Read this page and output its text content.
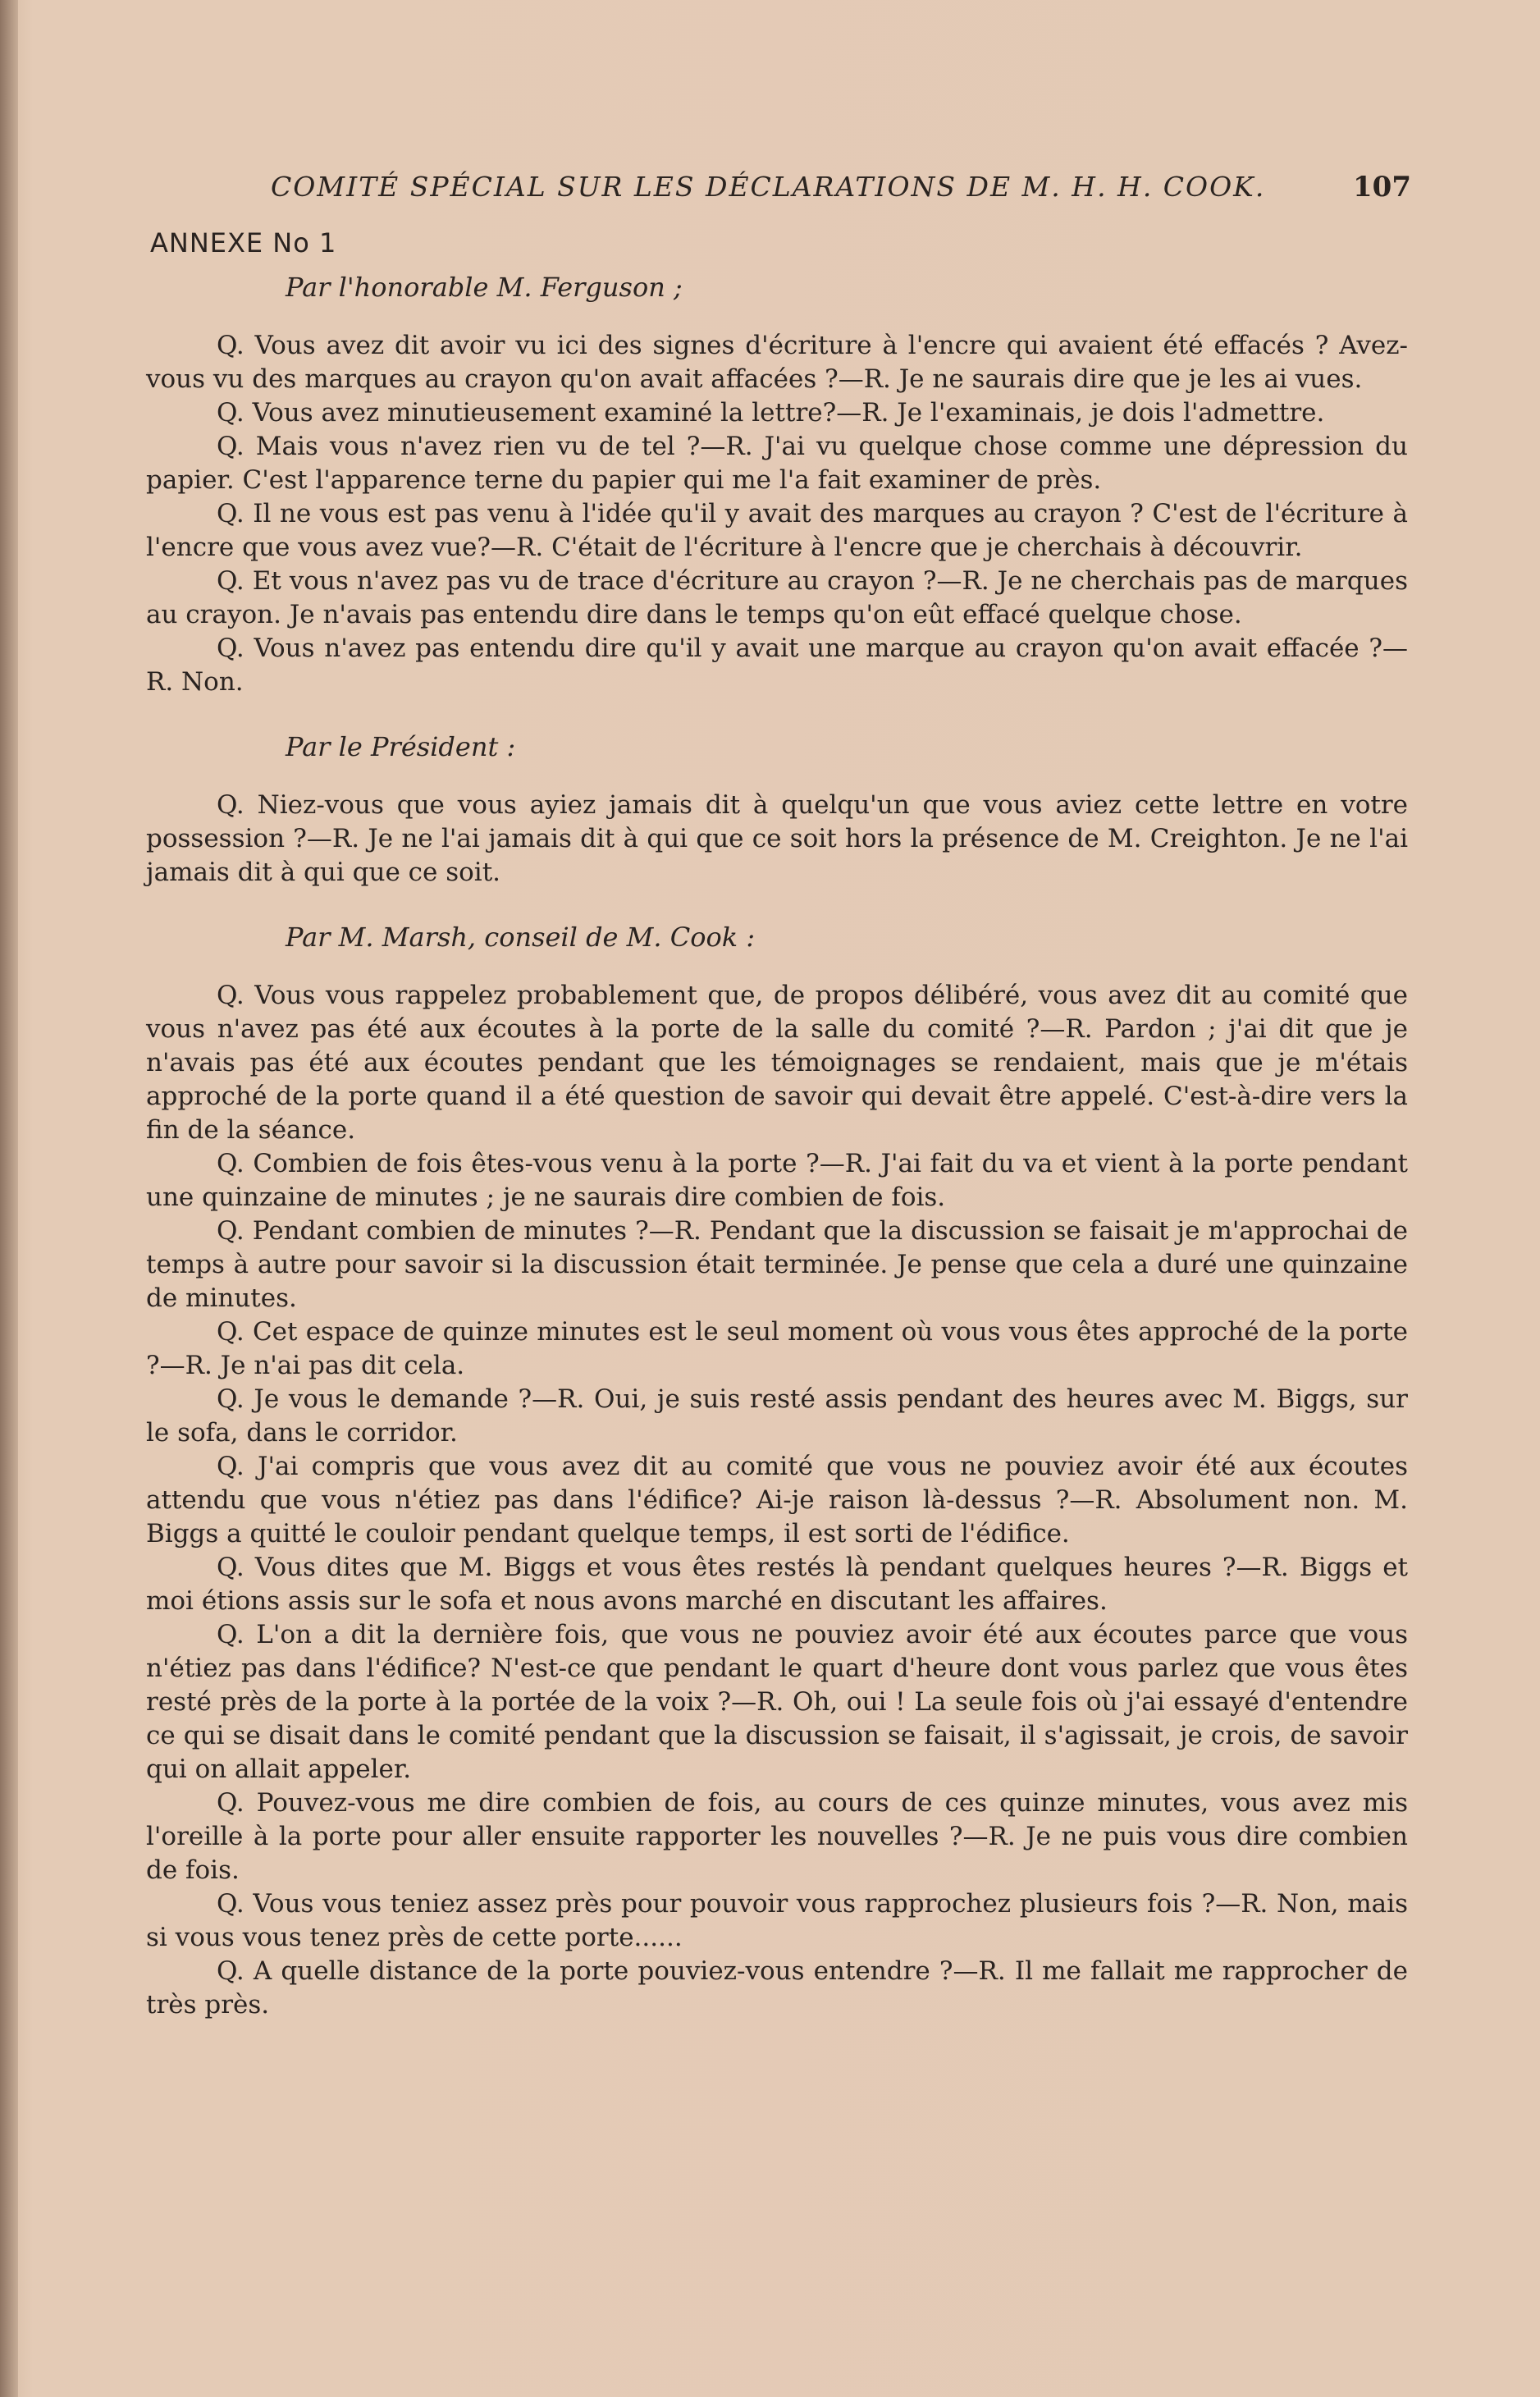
COMITÉ SPÉCIAL SUR LES DÉCLARATIONS DE M. H. H. COOK.	107
ANNEXE No 1
Par l'honorable M. Ferguson ;

Q. Vous avez dit avoir vu ici des signes d'écriture à l'encre qui avaient été effacés ? Avez-vous vu des marques au crayon qu'on avait affacées ?—R. Je ne saurais dire que je les ai vues.

Q. Vous avez minutieusement examiné la lettre?—R. Je l'examinais, je dois l'admettre.

Q. Mais vous n'avez rien vu de tel ?—R. J'ai vu quelque chose comme une dépression du papier. C'est l'apparence terne du papier qui me l'a fait examiner de près.

Q. Il ne vous est pas venu à l'idée qu'il y avait des marques au crayon ? C'est de l'écriture à l'encre que vous avez vue?—R. C'était de l'écriture à l'encre que je cherchais à découvrir.

Q. Et vous n'avez pas vu de trace d'écriture au crayon ?—R. Je ne cherchais pas de marques au crayon. Je n'avais pas entendu dire dans le temps qu'on eût effacé quelque chose.

Q. Vous n'avez pas entendu dire qu'il y avait une marque au crayon qu'on avait effacée ?—R. Non.

Par le Président :

Q. Niez-vous que vous ayiez jamais dit à quelqu'un que vous aviez cette lettre en votre possession ?—R. Je ne l'ai jamais dit à qui que ce soit hors la présence de M. Creighton. Je ne l'ai jamais dit à qui que ce soit.

Par M. Marsh, conseil de M. Cook :

Q. Vous vous rappelez probablement que, de propos délibéré, vous avez dit au comité que vous n'avez pas été aux écoutes à la porte de la salle du comité ?—R. Pardon ; j'ai dit que je n'avais pas été aux écoutes pendant que les témoignages se rendaient, mais que je m'étais approché de la porte quand il a été question de savoir qui devait être appelé. C'est-à-dire vers la fin de la séance.

Q. Combien de fois êtes-vous venu à la porte ?—R. J'ai fait du va et vient à la porte pendant une quinzaine de minutes ; je ne saurais dire combien de fois.

Q. Pendant combien de minutes ?—R. Pendant que la discussion se faisait je m'approchai de temps à autre pour savoir si la discussion était terminée. Je pense que cela a duré une quinzaine de minutes.

Q. Cet espace de quinze minutes est le seul moment où vous vous êtes approché de la porte ?—R. Je n'ai pas dit cela.

Q. Je vous le demande ?—R. Oui, je suis resté assis pendant des heures avec M. Biggs, sur le sofa, dans le corridor.

Q. J'ai compris que vous avez dit au comité que vous ne pouviez avoir été aux écoutes attendu que vous n'étiez pas dans l'édifice? Ai-je raison là-dessus ?—R. Absolument non. M. Biggs a quitté le couloir pendant quelque temps, il est sorti de l'édifice.

Q. Vous dites que M. Biggs et vous êtes restés là pendant quelques heures ?—R. Biggs et moi étions assis sur le sofa et nous avons marché en discutant les affaires.

Q. L'on a dit la dernière fois, que vous ne pouviez avoir été aux écoutes parce que vous n'étiez pas dans l'édifice? N'est-ce que pendant le quart d'heure dont vous parlez que vous êtes resté près de la porte à la portée de la voix ?—R. Oh, oui ! La seule fois où j'ai essayé d'entendre ce qui se disait dans le comité pendant que la discussion se faisait, il s'agissait, je crois, de savoir qui on allait appeler.

Q. Pouvez-vous me dire combien de fois, au cours de ces quinze minutes, vous avez mis l'oreille à la porte pour aller ensuite rapporter les nouvelles ?—R. Je ne puis vous dire combien de fois.

Q. Vous vous teniez assez près pour pouvoir vous rapprochez plusieurs fois ?—R. Non, mais si vous vous tenez près de cette porte......

Q. A quelle distance de la porte pouviez-vous entendre ?—R. Il me fallait me rapprocher de très près.
